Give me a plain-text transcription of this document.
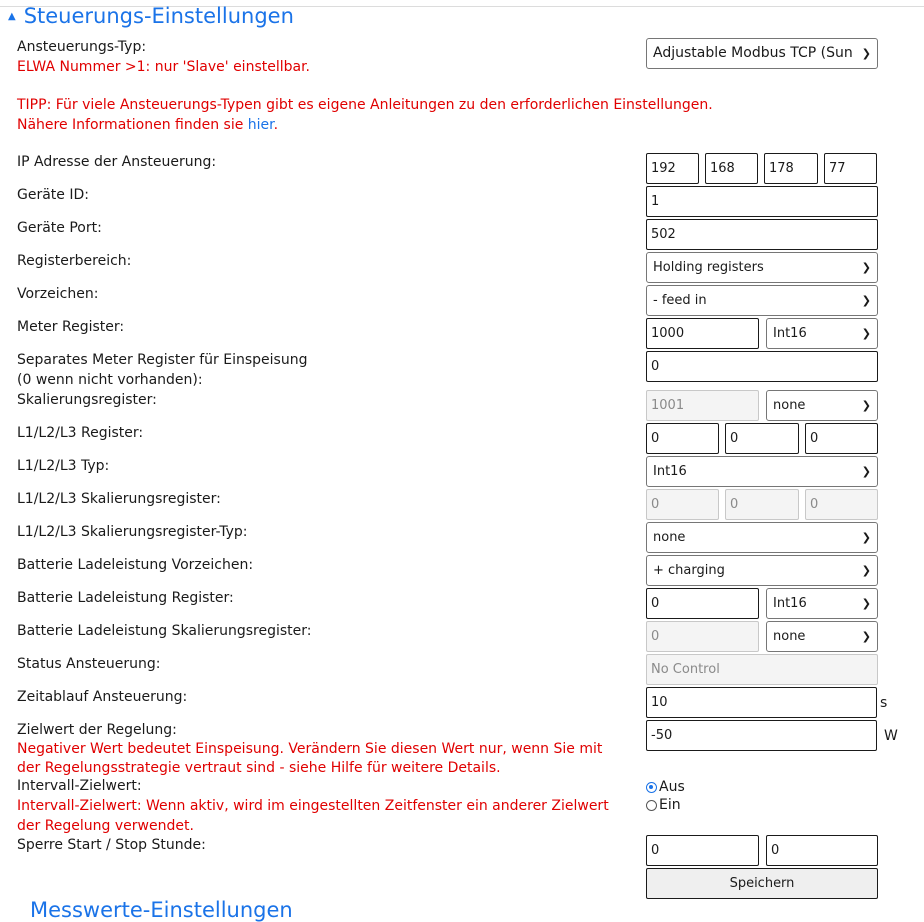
▲ Steuerungs-Einstellungen
Ansteuerungs-Typ:
ELWA Nummer >1: nur 'Slave' einstellbar.
Adjustable Modbus TCP (Sun ❯
TIPP: Für viele Ansteuerungs-Typen gibt es eigene Anleitungen zu den erforderlichen Einstellungen.
Nähere Informationen finden sie hier.
IP Adresse der Ansteuerung:
192
168
178
77
Geräte ID:
1
Geräte Port:
502
Registerbereich:	Holding registers	❯
Vorzeichen:	- feed in	❯
Meter Register:
1000	Int16	❯
Separates Meter Register für Einspeisung
(0 wenn nicht vorhanden):
0
Skalierungsregister:
1001	none	❯
L1/L2/L3 Register:
0
0
0
L1/L2/L3 Typ:	Int16	❯
L1/L2/L3 Skalierungsregister:
0
0
0
L1/L2/L3 Skalierungsregister-Typ:	none	❯
Batterie Ladeleistung Vorzeichen:	+ charging	❯
Batterie Ladeleistung Register:
0	Int16	❯
Batterie Ladeleistung Skalierungsregister:
0	none	❯
Status Ansteuerung:
No Control
Zeitablauf Ansteuerung:
10	s
Zielwert der Regelung:
Negativer Wert bedeutet Einspeisung. Verändern Sie diesen Wert nur, wenn Sie mit
der Regelungsstrategie vertraut sind - siehe Hilfe für weitere Details.
-50
W
Intervall-Zielwert:
Intervall-Zielwert: Wenn aktiv, wird im eingestellten Zeitfenster ein anderer Zielwert
der Regelung verwendet.
Aus
Ein
Sperre Start / Stop Stunde:
0
0
Speichern
Messwerte-Einstellungen
